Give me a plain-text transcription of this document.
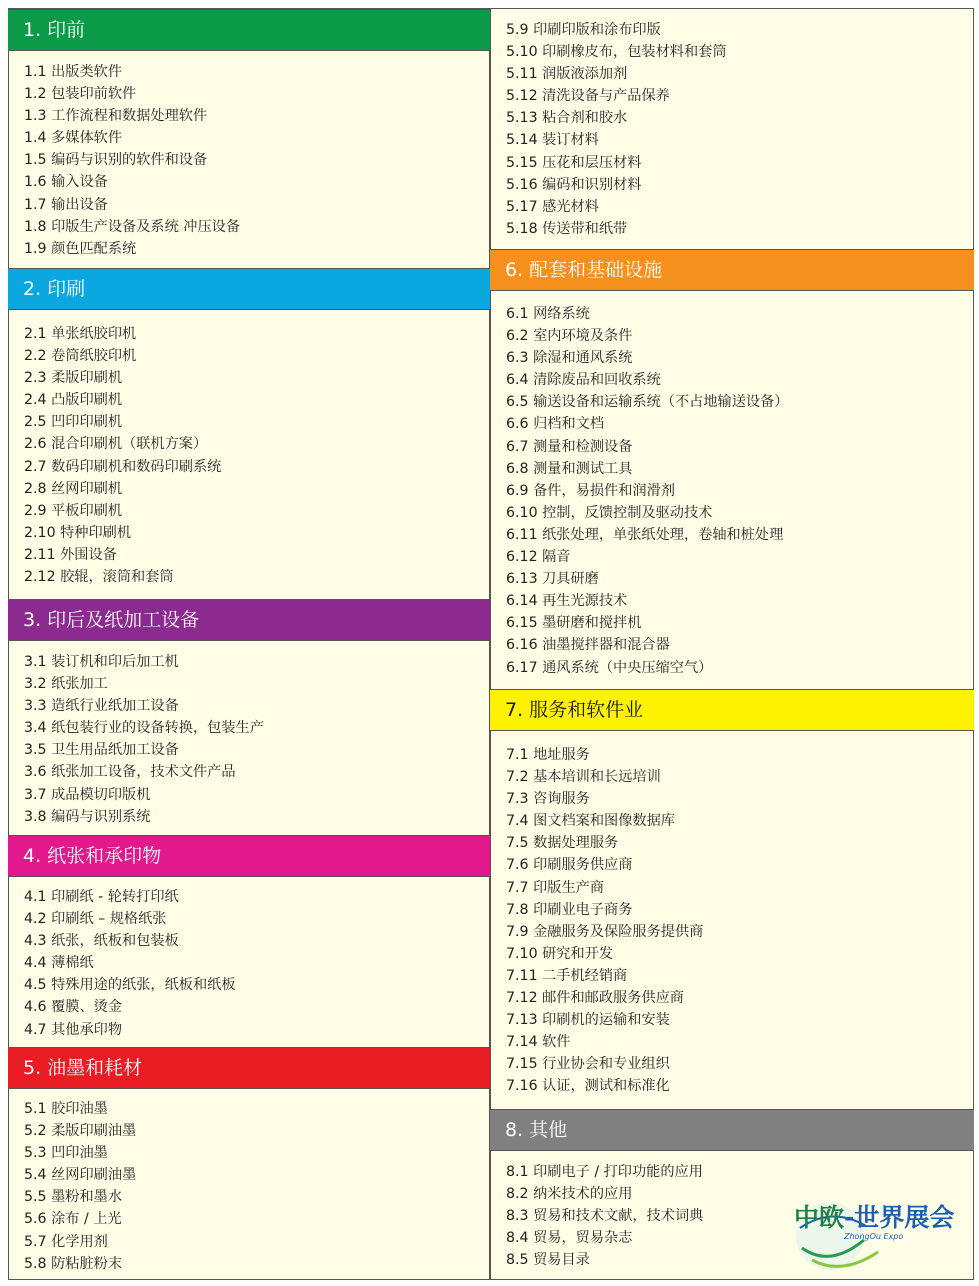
1. 印前
1.1 出版类软件
1.2 包装印前软件
1.3 工作流程和数据处理软件
1.4 多媒体软件
1.5 编码与识别的软件和设备
1.6 输入设备
1.7 输出设备
1.8 印版生产设备及系统 冲压设备
1.9 颜色匹配系统
2. 印刷
2.1 单张纸胶印机
2.2 卷筒纸胶印机
2.3 柔版印刷机
2.4 凸版印刷机
2.5 凹印印刷机
2.6 混合印刷机（联机方案）
2.7 数码印刷机和数码印刷系统
2.8 丝网印刷机
2.9 平板印刷机
2.10 特种印刷机
2.11 外围设备
2.12 胶辊，滚筒和套筒
3. 印后及纸加工设备
3.1 装订机和印后加工机
3.2 纸张加工
3.3 造纸行业纸加工设备
3.4 纸包装行业的设备转换，包装生产
3.5 卫生用品纸加工设备
3.6 纸张加工设备，技术文件产品
3.7 成品模切印版机
3.8 编码与识别系统
4. 纸张和承印物
4.1 印刷纸 - 轮转打印纸
4.2 印刷纸 – 规格纸张
4.3 纸张，纸板和包装板
4.4 薄棉纸
4.5 特殊用途的纸张，纸板和纸板
4.6 覆膜、烫金
4.7 其他承印物
5. 油墨和耗材
5.1 胶印油墨
5.2 柔版印刷油墨
5.3 凹印油墨
5.4 丝网印刷油墨
5.5 墨粉和墨水
5.6 涂布 / 上光
5.7 化学用剂
5.8 防粘脏粉末
5.9 印刷印版和涂布印版
5.10 印刷橡皮布，包装材料和套筒
5.11 润版液添加剂
5.12 清洗设备与产品保养
5.13 粘合剂和胶水
5.14 装订材料
5.15 压花和层压材料
5.16 编码和识别材料
5.17 感光材料
5.18 传送带和纸带
6. 配套和基础设施
6.1 网络系统
6.2 室内环境及条件
6.3 除湿和通风系统
6.4 清除废品和回收系统
6.5 输送设备和运输系统（不占地输送设备）
6.6 归档和文档
6.7 测量和检测设备
6.8 测量和测试工具
6.9 备件，易损件和润滑剂
6.10 控制，反馈控制及驱动技术
6.11 纸张处理，单张纸处理，卷轴和桩处理
6.12 隔音
6.13 刀具研磨
6.14 再生光源技术
6.15 墨研磨和搅拌机
6.16 油墨搅拌器和混合器
6.17 通风系统（中央压缩空气）
7. 服务和软件业
7.1 地址服务
7.2 基本培训和长远培训
7.3 咨询服务
7.4 图文档案和图像数据库
7.5 数据处理服务
7.6 印刷服务供应商
7.7 印版生产商
7.8 印刷业电子商务
7.9 金融服务及保险服务提供商
7.10 研究和开发
7.11 二手机经销商
7.12 邮件和邮政服务供应商
7.13 印刷机的运输和安装
7.14 软件
7.15 行业协会和专业组织
7.16 认证，测试和标准化
8. 其他
8.1 印刷电子 / 打印功能的应用
8.2 纳米技术的应用
8.3 贸易和技术文献，技术词典
8.4 贸易，贸易杂志
8.5 贸易目录
中欧-世界展会
ZhongOu Expo
